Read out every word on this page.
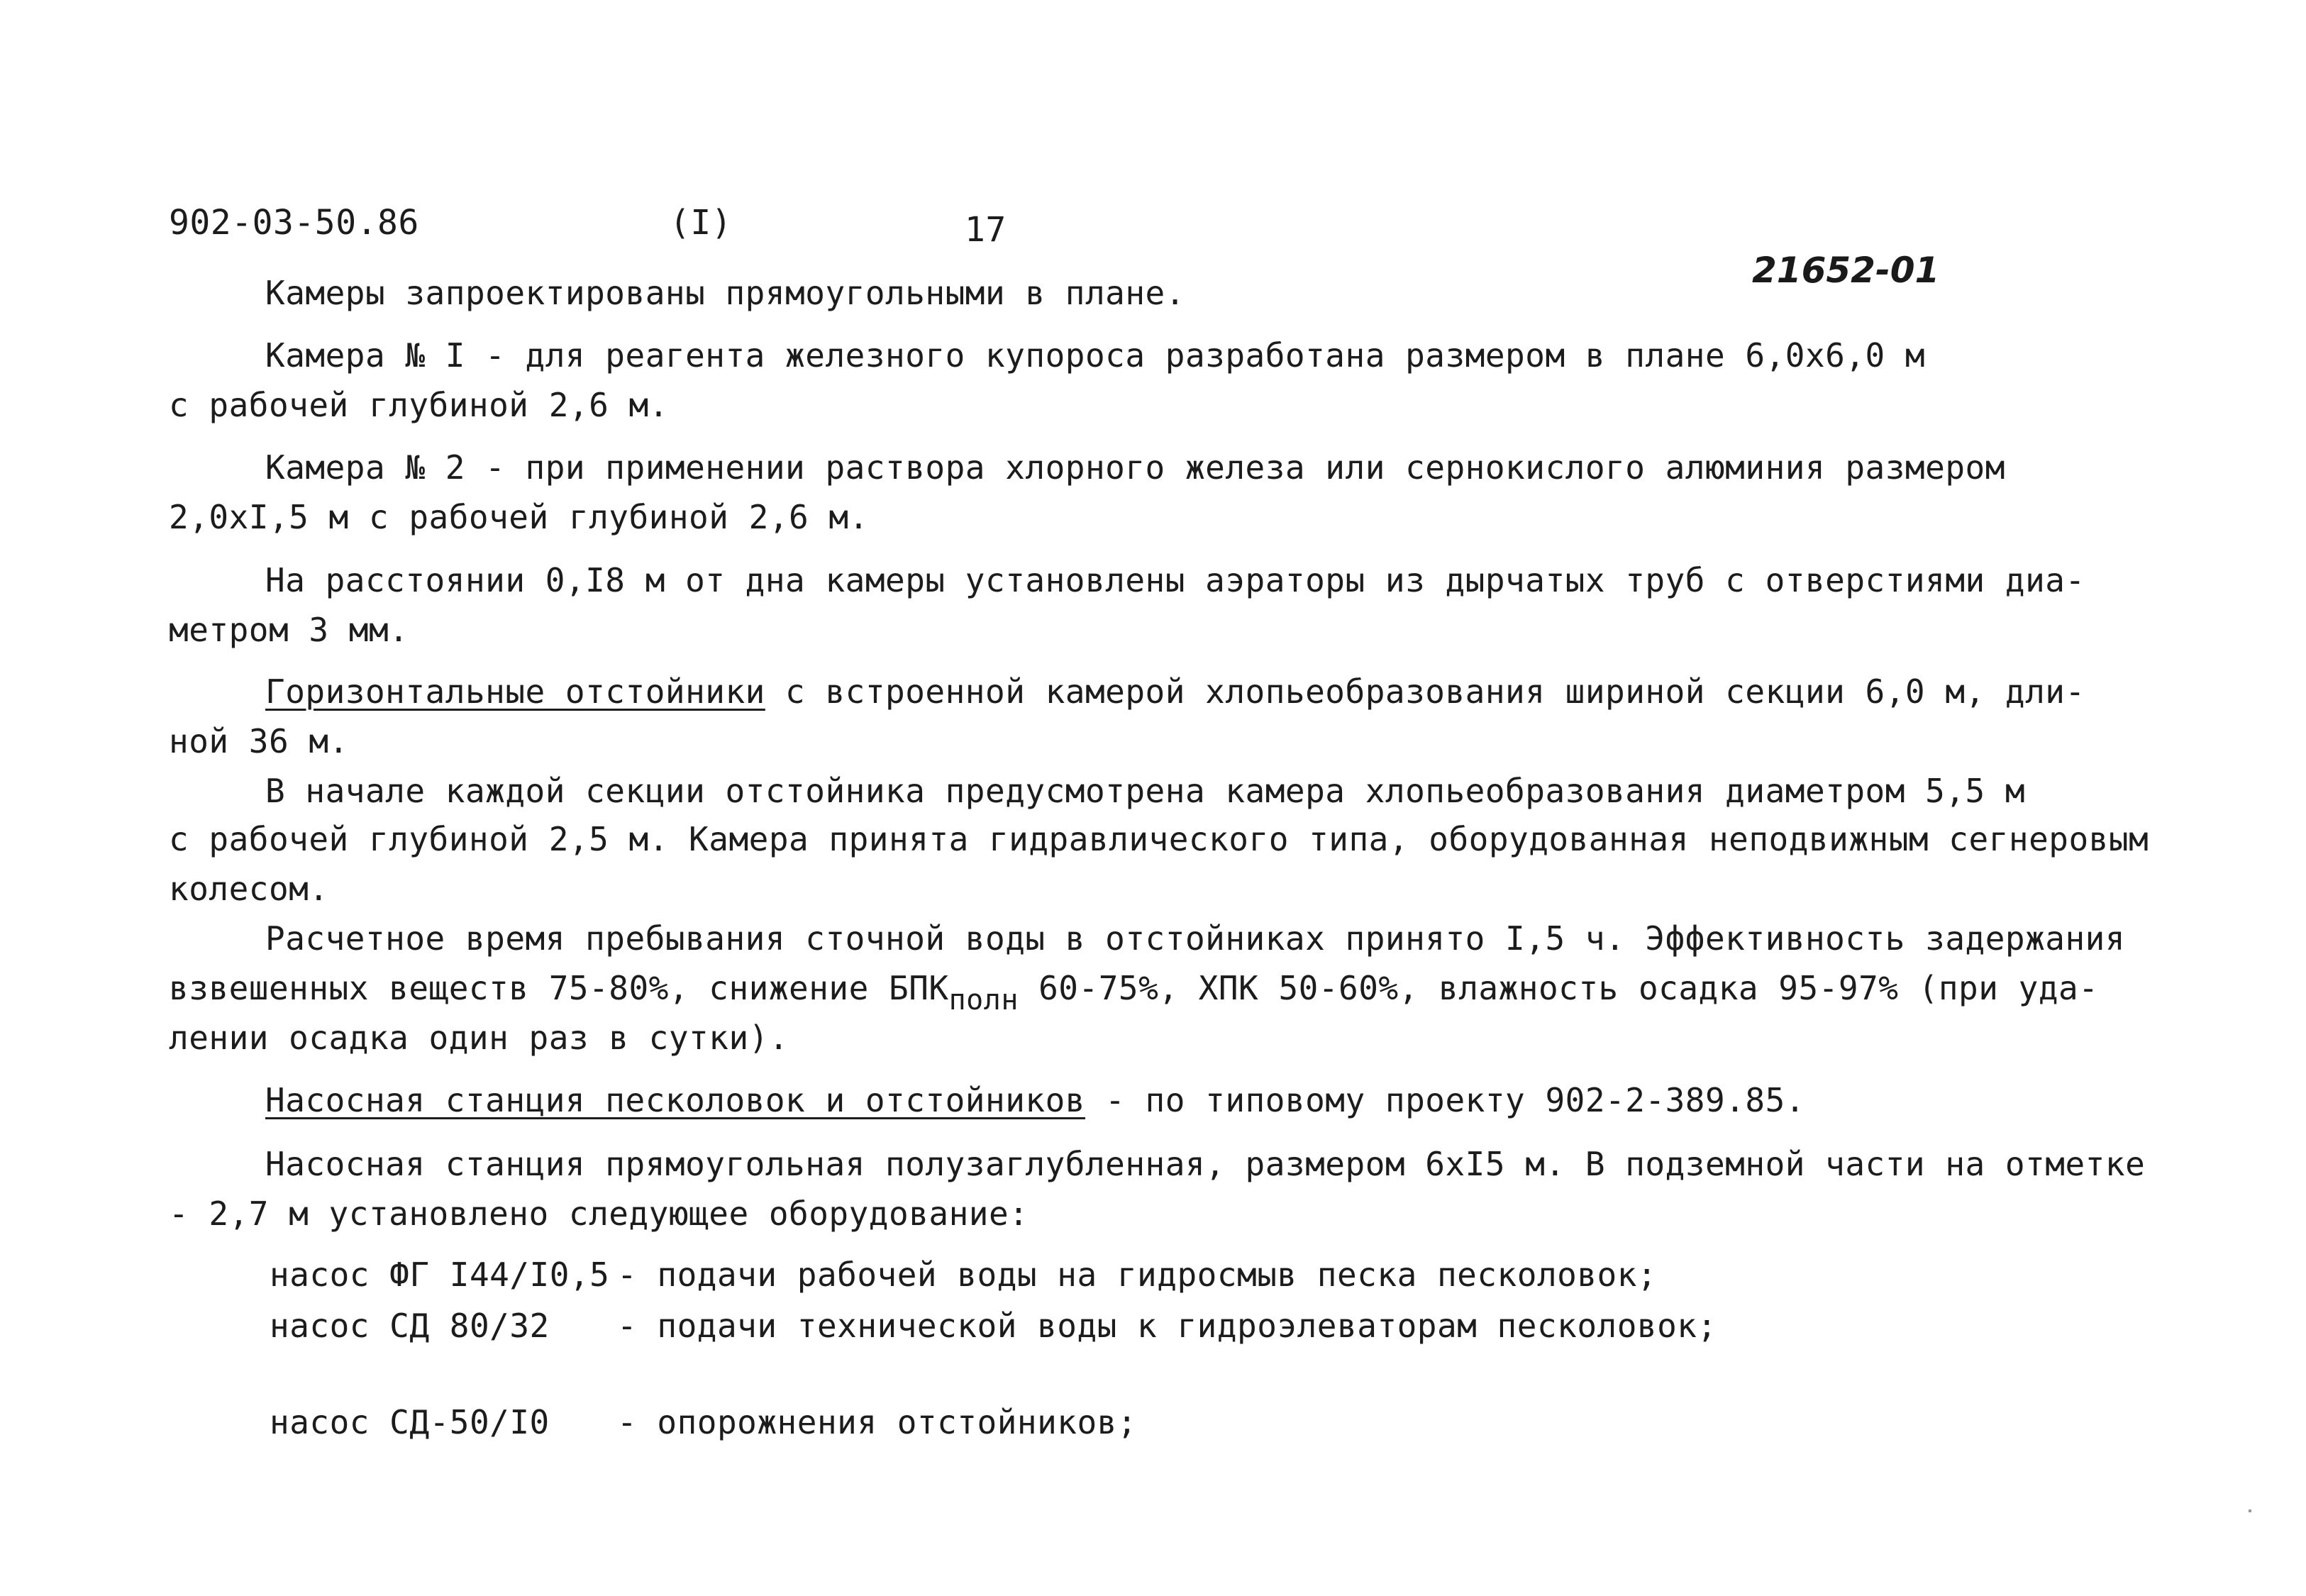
902-03-50.86	(I)	17
21652-01
Камеры запроектированы прямоугольными в плане.
Камера № I - для реагента железного купороса разработана размером в плане 6,0х6,0 м
с рабочей глубиной 2,6 м.
Камера № 2 - при применении раствора хлорного железа или сернокислого алюминия размером
2,0хI,5 м с рабочей глубиной 2,6 м.
На расстоянии 0,I8 м от дна камеры установлены аэраторы из дырчатых труб с отверстиями диа-
метром 3 мм.
Горизонтальные отстойники с встроенной камерой хлопьеобразования шириной секции 6,0 м, дли-
ной 36 м.
В начале каждой секции отстойника предусмотрена камера хлопьеобразования диаметром 5,5 м
с рабочей глубиной 2,5 м. Камера принята гидравлического типа, оборудованная неподвижным сегнеровым
колесом.
Расчетное время пребывания сточной воды в отстойниках принято I,5 ч. Эффективность задержания
взвешенных веществ 75-80%, снижение $БПК_{полн}$ 60-75%, ХПК 50-60%, влажность осадка 95-97% (при уда-
лении осадка один раз в сутки).
Насосная станция песколовок и отстойников - по типовому проекту 902-2-389.85.
Насосная станция прямоугольная полузаглубленная, размером 6хI5 м. В подземной части на отметке
- 2,7 м установлено следующее оборудование:
насос ФГ I44/I0,5 - подачи рабочей воды на гидросмыв песка песколовок;
насос СД 80/32 - подачи технической воды к гидроэлеваторам песколовок;
насос СД-50/I0 - опорожнения отстойников;
